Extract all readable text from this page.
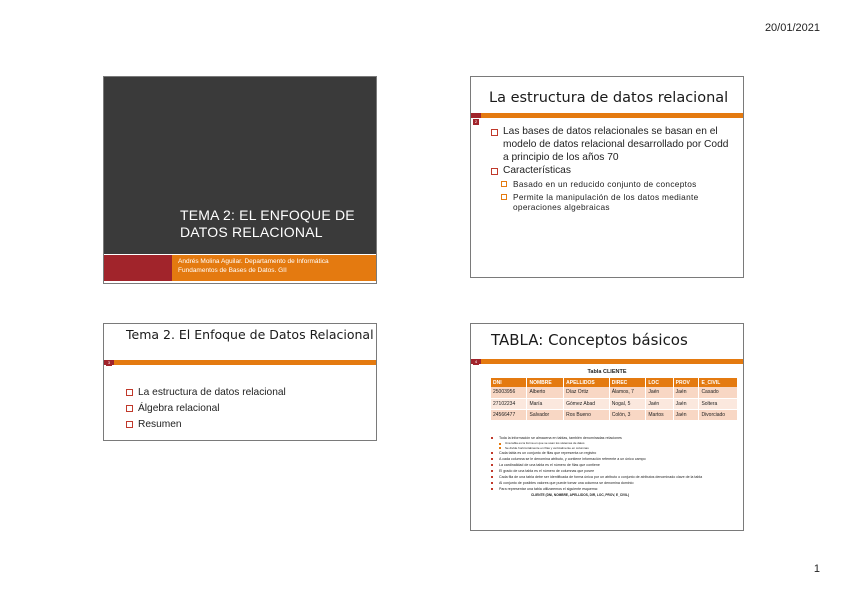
20/01/2021
TEMA 2: EL ENFOQUE DE DATOS RELACIONAL
Andrés Molina Aguilar. Departamento de Informática
Fundamentos de Bases de Datos. GII
La estructura de datos relacional
2
Las bases de datos relacionales se basan en el modelo de datos relacional desarrollado por Codd a principio de los años 70
Características
Basado en un reducido conjunto de conceptos
Permite la manipulación de los datos mediante operaciones algebraicas
Tema 2. El Enfoque de Datos Relacional
3
La estructura de datos relacional
Álgebra relacional
Resumen
TABLA: Conceptos básicos
4
Tabla CLIENTE
DNI	NOMBRE	APELLIDOS	DIREC	LOC	PROV	E_CIVIL
25003956	Alberto	Díaz Ortiz	Álamos, 7	Jaén	Jaén	Casado
27102234	María	Gómez Abad	Nogal, 5	Jaén	Jaén	Soltera
24566477	Salvador	Ros Bueno	Colón, 3	Martos	Jaén	Divorciado
Toda la información se almacena en tablas, también denominadas relaciones
Una tabla es la forma en que se usan los sistemas de datos
Se divide horizontalmente en filas y verticalmente en columnas
Cada tabla es un conjunto de filas que representa un registro
A cada columna se le denomina atributo, y contiene información referente a un único campo
La cardinalidad de una tabla es el número de filas que contiene
El grado de una tabla es el número de columnas que posee
Cada fila de una tabla debe ser identificada de forma única por un atributo o conjunto de atributos denominado clave de la tabla
Al conjunto de posibles valores que puede tomar una columna se denomina dominio
Para representar una tabla utilizaremos el siguiente esquema:
CLIENTE (DNI, NOMBRE, APELLIDOS, DIR, LOC, PROV, E_CIVIL)
1
